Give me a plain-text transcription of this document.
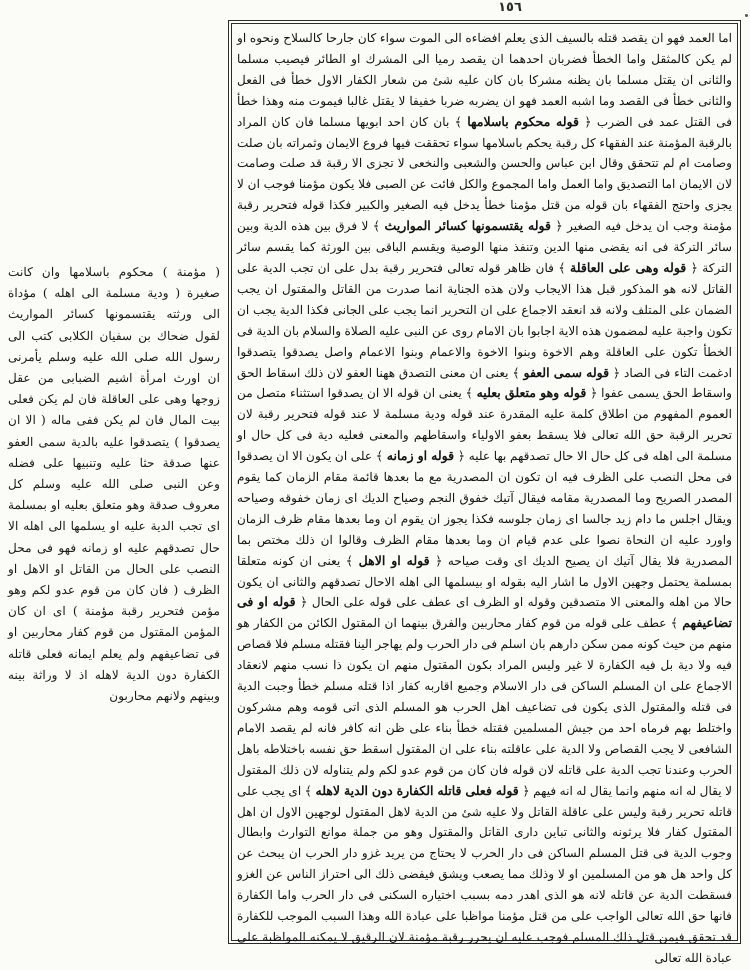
١٥٦

اما العمد فهو ان يقصد قتله بالسيف الذى يعلم افضاءه الى الموت سواء كان جارحا كالسلاح ونحوه او لم يكن كالمثقل واما الخطأ فضربان احدهما ان يقصد رميا الى المشرك او الطائر فيصيب مسلما والثانى ان يقتل مسلما بان يظنه مشركا بان كان عليه شئ من شعار الكفار الاول خطأ فى الفعل والثانى خطأ فى القصد وما اشبه العمد فهو ان يضربه ضربا خفيفا لا يقتل غالبا فيموت منه وهذا خطأ فى القتل عمد فى الضرب ﴿ قوله محكوم باسلامها ﴾ بان كان احد ابويها مسلما فان كان المراد بالرقبة المؤمنة عند الفقهاء كل رقبة يحكم باسلامها سواء تحققت فيها فروع الايمان وثمراته بان صلت وصامت ام لم تتحقق وقال ابن عباس والحسن والشعبى والنخعى لا تجزى الا رقبة قد صلت وصامت لان الايمان اما التصديق واما العمل واما المجموع والكل فائت عن الصبى فلا يكون مؤمنا فوجب ان لا يجزى واحتج الفقهاء بان قوله من قتل مؤمنا خطأ يدخل فيه الصغير والكبير فكذا قوله فتحرير رقبة مؤمنة وجب ان يدخل فيه الصغير ﴿ قوله يقتسمونها كسائر المواريث ﴾ لا فرق بين هذه الدية وبين سائر التركة فى انه يقضى منها الدين وتنفذ منها الوصية ويقسم الباقى بين الورثة كما يقسم سائر التركة ﴿ قوله وهى على العاقلة ﴾ فان ظاهر قوله تعالى فتحرير رقبة بدل على ان تجب الدية على القاتل لانه هو المذكور قبل هذا الايجاب ولان هذه الجناية انما صدرت من القاتل والمقتول ان يجب الضمان على المتلف ولانه قد انعقد الاجماع على ان التحرير انما يجب على الجانى فكذا الدية يجب ان تكون واجبة عليه لمضمون هذه الاية اجابوا بان الامام روى عن النبى عليه الصلاة والسلام بان الدية فى الخطأ تكون على العاقلة وهم الاخوة وبنوا الاخوة والاعمام وبنوا الاعمام واصل يصدقوا يتصدقوا ادغمت التاء فى الصاد ﴿ قوله سمى العفو ﴾ يعنى ان معنى التصدق ههنا العفو لان ذلك اسقاط الحق واسقاط الحق يسمى عفوا ﴿ قوله وهو متعلق بعليه ﴾ يعنى ان قوله الا ان يصدقوا استثناء متصل من العموم المفهوم من اطلاق كلمة عليه المقدرة عند قوله ودية مسلمة لا عند قوله فتحرير رقبة لان تحرير الرقبة حق الله تعالى فلا يسقط بعفو الاولياء واسقاطهم والمعنى فعليه دية فى كل حال او مسلمة الى اهله فى كل حال الا حال تصدقهم بها عليه ﴿ قوله او زمانه ﴾ على ان يكون الا ان يصدقوا فى محل النصب على الظرف فيه ان تكون ان المصدرية مع ما بعدها قائمة مقام الزمان كما يقوم المصدر الصريح وما المصدرية مقامه فيقال آتيك خفوق النجم وصياح الديك اى زمان خفوقه وصياحه ويقال اجلس ما دام زيد جالسا اى زمان جلوسه فكذا يجوز ان يقوم ان وما بعدها مقام ظرف الزمان واورد عليه ان النحاة نصوا على عدم قيام ان وما بعدها مقام الظرف وقالوا ان ذلك مختص بما المصدرية فلا يقال آتيك ان يصيح الديك اى وقت صياحه ﴿ قوله او الاهل ﴾ يعنى ان كونه متعلقا بمسلمة يحتمل وجهين الاول ما اشار اليه بقوله او بيسلمها الى اهله الاحال تصدقهم والثانى ان يكون حالا من اهله والمعنى الا متصدقين وقوله او الظرف اى عطف على قوله على الحال ﴿ قوله او فى تضاعيفهم ﴾ عطف على قوله من قوم كفار محاربين والفرق بينهما ان المقتول الكائن من الكفار هو منهم من حيث كونه ممن سكن دارهم بان اسلم فى دار الحرب ولم يهاجر الينا فقتله مسلم فلا قصاص فيه ولا دية بل فيه الكفارة لا غير وليس المراد بكون المقتول منهم ان يكون ذا نسب منهم لانعقاد الاجماع على ان المسلم الساكن فى دار الاسلام وجميع اقاربه كفار اذا قتله مسلم خطأ وجبت الدية فى قتله والمقتول الذى يكون فى تضاعيف اهل الحرب هو المسلم الذى اتى قومه وهم مشركون واختلط بهم فرماه احد من جيش المسلمين فقتله خطأ بناء على ظن انه كافر فانه لم يقصد الامام الشافعى لا يجب القصاص ولا الدية على عاقلته بناء على ان المقتول اسقط حق نفسه باختلاطه باهل الحرب وعندنا تجب الدية على قاتله لان قوله فان كان من قوم عدو لكم ولم يتناوله لان ذلك المقتول لا يقال له انه منهم وانما يقال له انه فيهم ﴿ قوله فعلى قاتله الكفارة دون الدية لاهله ﴾ اى يجب على قاتله تحرير رقبة وليس على عاقلة القاتل ولا عليه شئ من الدية لاهل المقتول لوجهين الاول ان اهل المقتول كفار فلا يرثونه والثانى تباين دارى القاتل والمقتول وهو من جملة موانع التوارث وابطال وجوب الدية فى قتل المسلم الساكن فى دار الحرب لا يحتاج من يريد غزو دار الحرب ان يبحث عن كل واحد هل هو من المسلمين او لا وذلك مما يصعب ويشق فيفضى ذلك الى احتراز الناس عن الغزو فسقطت الدية عن قاتله لانه هو الذى اهدر دمه بسبب اختياره السكنى فى دار الحرب واما الكفارة فانها حق الله تعالى الواجب على من قتل مؤمنا مواظبا على عبادة الله وهذا السبب الموجب للكفارة قد تحقق فيمن قتل ذلك المسلم فوجب عليه ان يحرر رقبة مؤمنة لان الرقيق لا يمكنه المواظبة على عبادة الله تعالى

( مؤمنة ) محكوم باسلامها وان كانت صغيرة ( ودية مسلمة الى اهله ) مؤداة الى ورثته يقتسمونها كسائر المواريث لقول ضحاك بن سفيان الكلابى كتب الى رسول الله صلى الله عليه وسلم يأمرنى ان اورث امرأة اشيم الضبابى من عقل زوجها وهى على العاقلة فان لم يكن فعلى بيت المال فان لم يكن ففى ماله ( الا ان يصدقوا ) يتصدقوا عليه بالدية سمى العفو عنها صدقة حثا عليه وتنبيها على فضله وعن النبى صلى الله عليه وسلم كل معروف صدقة وهو متعلق بعليه او بمسلمة اى تجب الدية عليه او يسلمها الى اهله الا حال تصدقهم عليه او زمانه فهو فى محل النصب على الحال من القاتل او الاهل او الظرف ( فان كان من قوم عدو لكم وهو مؤمن فتحرير رقبة مؤمنة ) اى ان كان المؤمن المقتول من قوم كفار محاربين او فى تضاعيفهم ولم يعلم ايمانه فعلى قاتله الكفارة دون الدية لاهله اذ لا وراثة بينه وبينهم ولانهم محاربون
